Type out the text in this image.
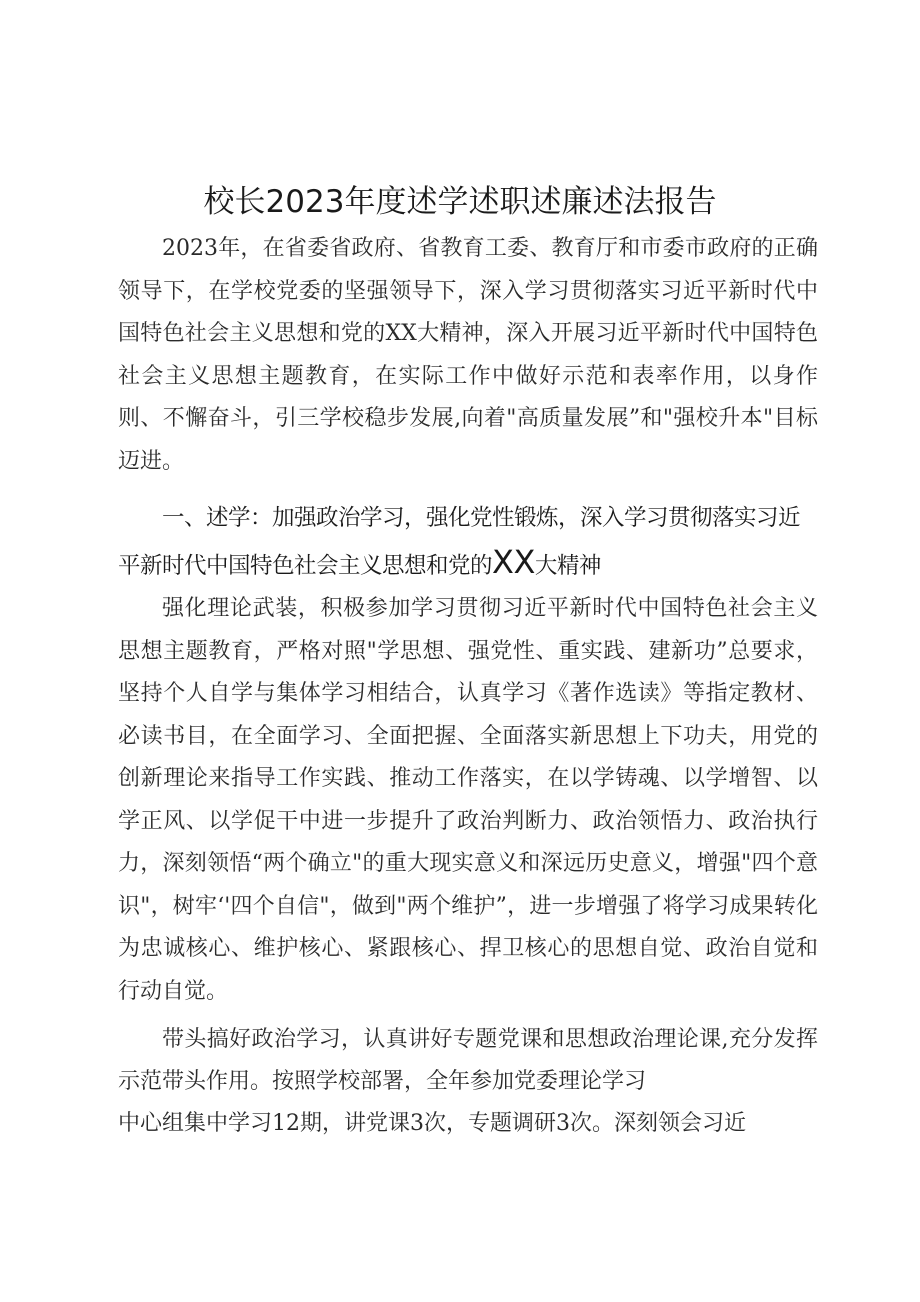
校长2023年度述学述职述廉述法报告

2023年，在省委省政府、省教育工委、教育厅和市委市政府的正确领导下，在学校党委的坚强领导下，深入学习贯彻落实习近平新时代中国特色社会主义思想和党的XX大精神，深入开展习近平新时代中国特色社会主义思想主题教育，在实际工作中做好示范和表率作用，以身作则、不懈奋斗，引三学校稳步发展,向着"高质量发展”和"强校升本"目标迈进。

一、述学：加强政治学习，强化党性锻炼，深入学习贯彻落实习近平新时代中国特色社会主义思想和党的XX大精神

强化理论武装，积极参加学习贯彻习近平新时代中国特色社会主义思想主题教育，严格对照"学思想、强党性、重实践、建新功”总要求，坚持个人自学与集体学习相结合，认真学习《著作选读》等指定教材、必读书目，在全面学习、全面把握、全面落实新思想上下功夫，用党的创新理论来指导工作实践、推动工作落实，在以学铸魂、以学增智、以学正风、以学促干中进一步提升了政治判断力、政治领悟力、政治执行力，深刻领悟“两个确立"的重大现实意义和深远历史意义，增强"四个意识"，树牢‘'四个自信"，做到"两个维护”，进一步增强了将学习成果转化为忠诚核心、维护核心、紧跟核心、捍卫核心的思想自觉、政治自觉和行动自觉。

带头搞好政治学习，认真讲好专题党课和思想政治理论课,充分发挥示范带头作用。按照学校部署，全年参加党委理论学习
中心组集中学习12期，讲党课3次，专题调研3次。深刻领会习近
